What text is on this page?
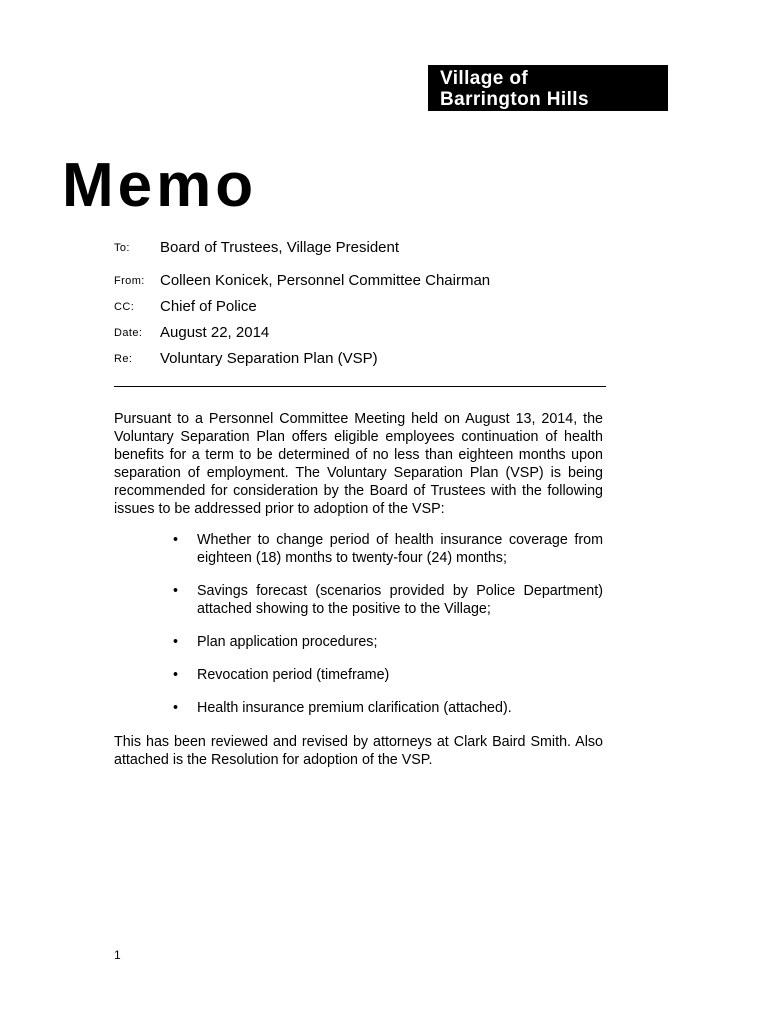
Village of
Barrington Hills
Memo
To: Board of Trustees, Village President
From: Colleen Konicek, Personnel Committee Chairman
CC: Chief of Police
Date: August 22, 2014
Re: Voluntary Separation Plan (VSP)

Pursuant to a Personnel Committee Meeting held on August 13, 2014, the Voluntary Separation Plan offers eligible employees continuation of health benefits for a term to be determined of no less than eighteen months upon separation of employment. The Voluntary Separation Plan (VSP) is being recommended for consideration by the Board of Trustees with the following issues to be addressed prior to adoption of the VSP:

• Whether to change period of health insurance coverage from eighteen (18) months to twenty-four (24) months;
• Savings forecast (scenarios provided by Police Department) attached showing to the positive to the Village;
• Plan application procedures;
• Revocation period (timeframe)
• Health insurance premium clarification (attached).

This has been reviewed and revised by attorneys at Clark Baird Smith. Also attached is the Resolution for adoption of the VSP.

1
